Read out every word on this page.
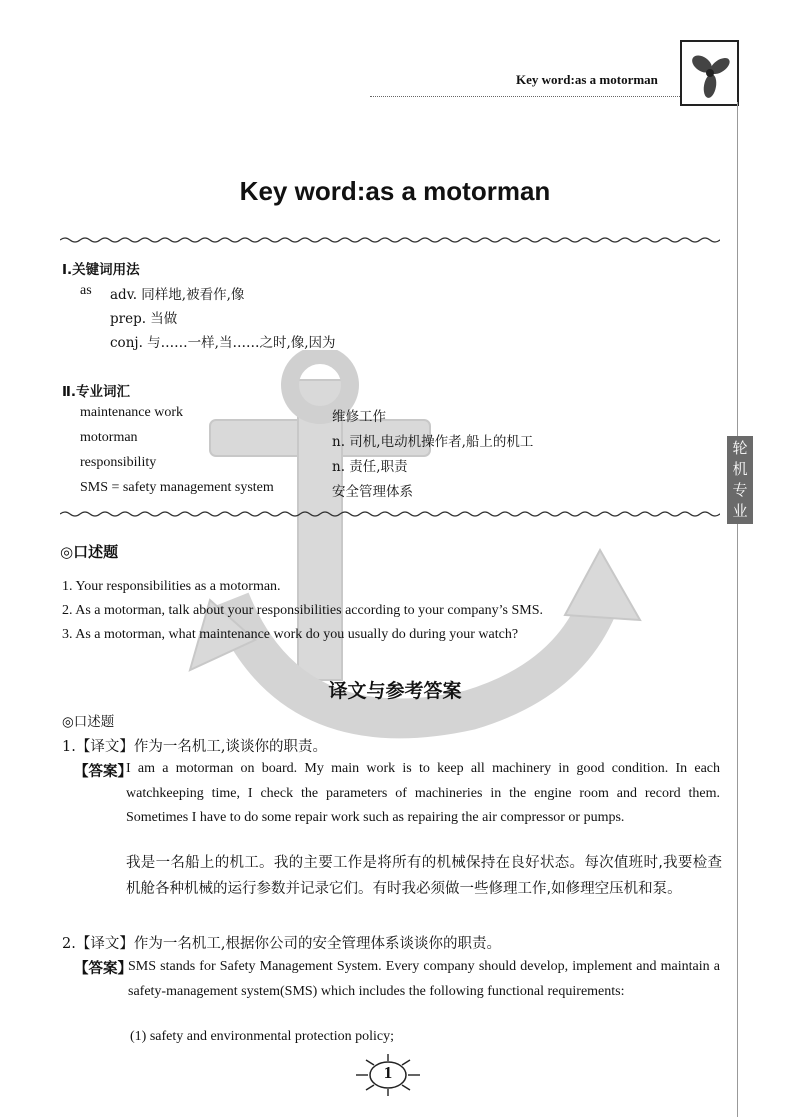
Key word:as a motorman
轮机专业
Key word:as a motorman
Ⅰ.关键词用法
as adv. 同样地,被看作,像
prep. 当做
conj. 与……一样,当……之时,像,因为
Ⅱ.专业词汇
maintenance work	维修工作
motorman	n. 司机,电动机操作者,船上的机工
responsibility	n. 责任,职责
SMS = safety management system	安全管理体系
◎口述题
1. Your responsibilities as a motorman.
2. As a motorman, talk about your responsibilities according to your company’s SMS.
3. As a motorman, what maintenance work do you usually do during your watch?
译文与参考答案
◎口述题
1.【译文】作为一名机工,谈谈你的职责。
【答案】
I am a motorman on board. My main work is to keep all machinery in good condition. In each watchkeeping time, I check the parameters of machineries in the engine room and record them. Sometimes I have to do some repair work such as repairing the air compressor or pumps.
我是一名船上的机工。我的主要工作是将所有的机械保持在良好状态。每次值班时,我要检查机舱各种机械的运行参数并记录它们。有时我必须做一些修理工作,如修理空压机和泵。
2.【译文】作为一名机工,根据你公司的安全管理体系谈谈你的职责。
【答案】
SMS stands for Safety Management System. Every company should develop, implement and maintain a safety-management system(SMS) which includes the following functional requirements:
(1) safety and environmental protection policy;
1
